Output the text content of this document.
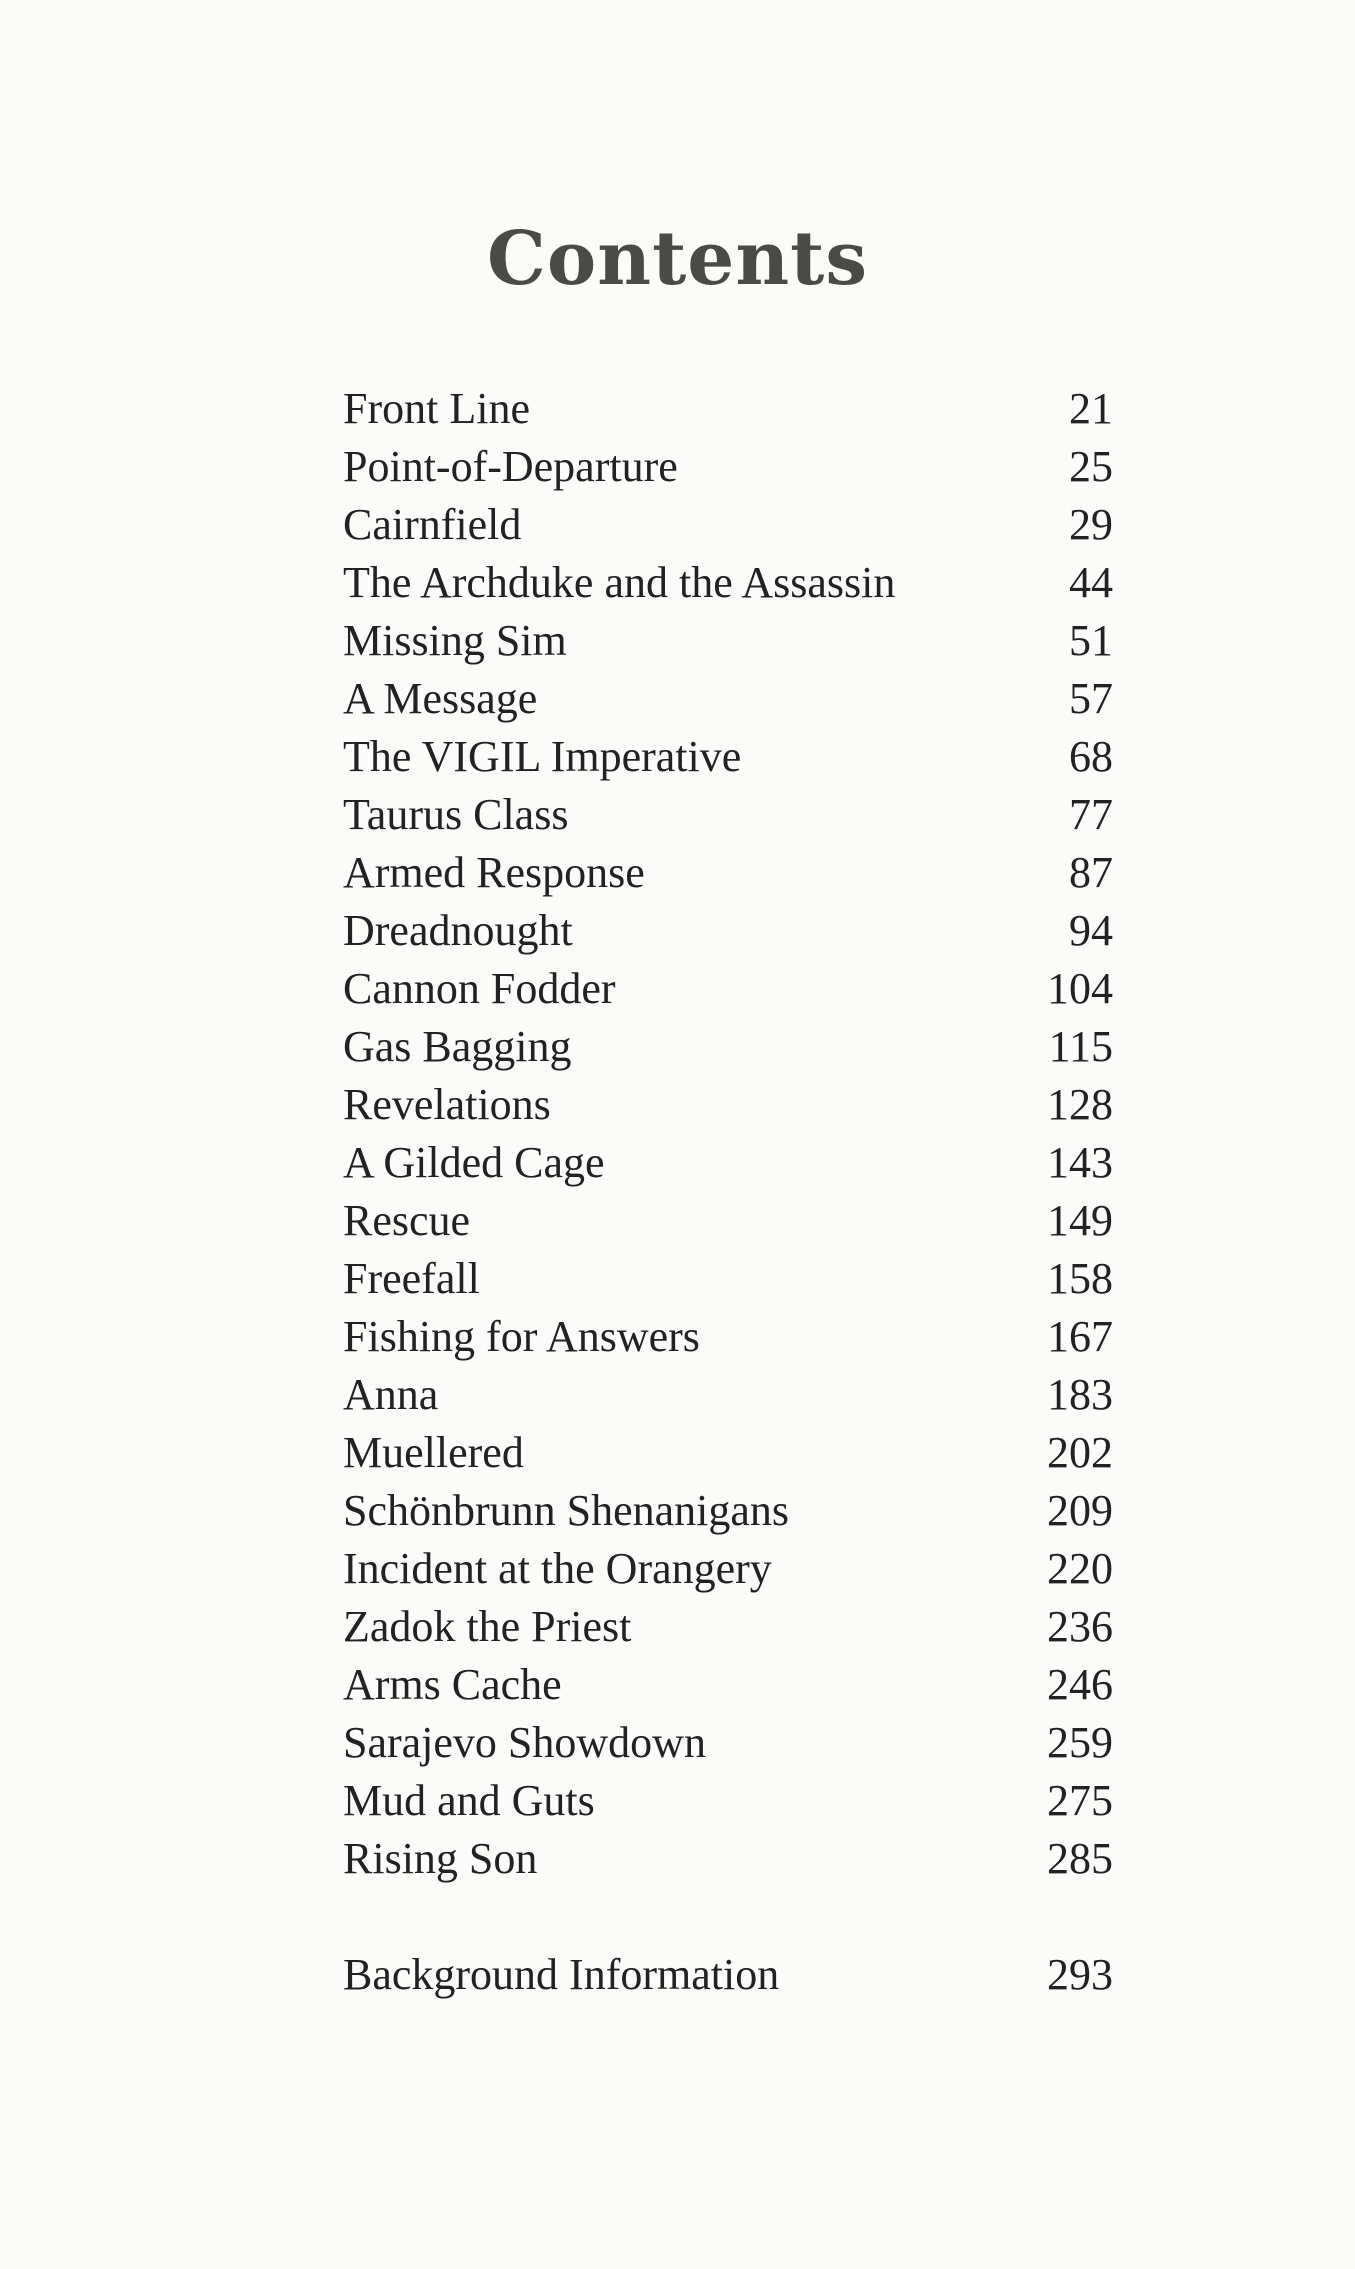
Contents
Front Line	21
Point-of-Departure	25
Cairnfield	29
The Archduke and the Assassin	44
Missing Sim	51
A Message	57
The VIGIL Imperative	68
Taurus Class	77
Armed Response	87
Dreadnought	94
Cannon Fodder	104
Gas Bagging	115
Revelations	128
A Gilded Cage	143
Rescue	149
Freefall	158
Fishing for Answers	167
Anna	183
Muellered	202
Schönbrunn Shenanigans	209
Incident at the Orangery	220
Zadok the Priest	236
Arms Cache	246
Sarajevo Showdown	259
Mud and Guts	275
Rising Son	285
Background Information	293
